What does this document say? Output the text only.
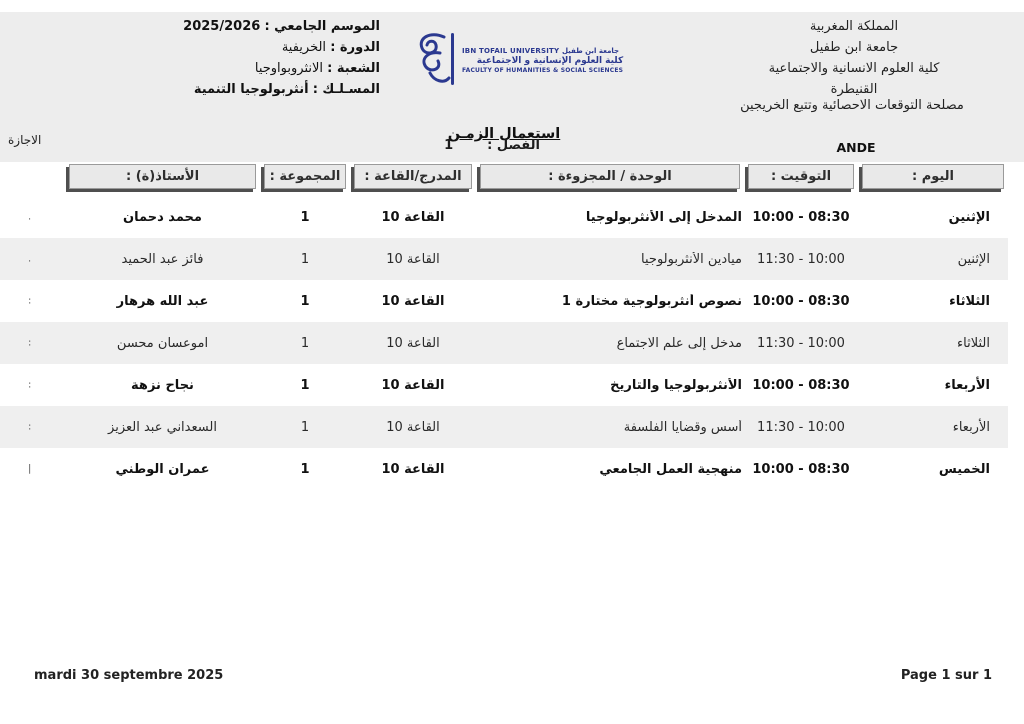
المملكة المغربية
جامعة ابن طفيل
كلية العلوم الانسانية والاجتماعية
القنيطرة
مصلحة التوقعات الاحصائية وتتبع الخريجين
ANDE
IBN TOFAIL UNIVERSITY جامعة ابن طفيل
كلية العلوم الإنسانية و الاجتماعية
FACULTY OF HUMANITIES & SOCIAL SCIENCES
الموسم الجامعي : 2025/2026
الدورة : الخريفية
الشعبة : الانثروبواوجيا
المسـلـك : أنثربولوجيا التنمية
الاجازة	استعمال الزمـن
الفصل :
1
اليوم :
التوقيت :
الوحدة / المجزوءة :
المدرج/القاعة :
المجموعة :
الأستاذ(ة) :
الإثنين
08:30 - 10:00
المدخل إلى الأنثربولوجيا
القاعة 10
1
محمد دحمان
.
الإثنين
10:00 - 11:30
ميادين الأنثربولوجيا
القاعة 10
1
فائز عبد الحميد
.
الثلاثاء
08:30 - 10:00
نصوص أنثربولوجية مختارة 1
القاعة 10
1
عبد الله هرهار
:
الثلاثاء
10:00 - 11:30
مدخل إلى علم الاجتماع
القاعة 10
1
اموعسان محسن
:
الأربعاء
08:30 - 10:00
الأنثربولوجيا والتاريخ
القاعة 10
1
نجاح نزهة
:
الأربعاء
10:00 - 11:30
أسس وقضايا الفلسفة
القاعة 10
1
السعداني عبد العزيز
:
الخميس
08:30 - 10:00
منهجية العمل الجامعي
القاعة 10
1
عمران الوطني
|
mardi 30 septembre 2025	Page 1 sur 1
